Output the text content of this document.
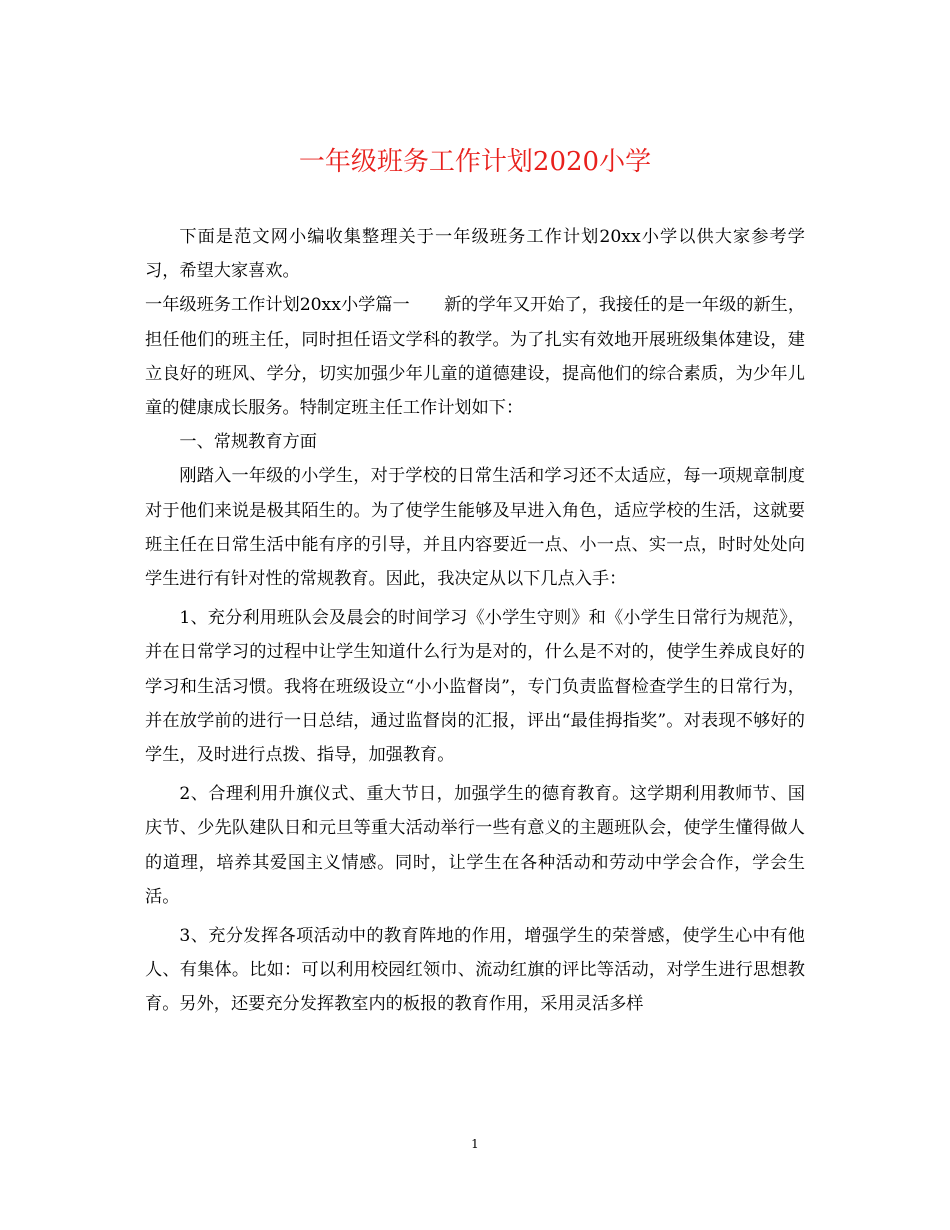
一年级班务工作计划2020小学

下面是范文网小编收集整理关于一年级班务工作计划20xx小学以供大家参考学习，希望大家喜欢。

一年级班务工作计划20xx小学篇一　　新的学年又开始了，我接任的是一年级的新生，担任他们的班主任，同时担任语文学科的教学。为了扎实有效地开展班级集体建设，建立良好的班风、学分，切实加强少年儿童的道德建设，提高他们的综合素质，为少年儿童的健康成长服务。特制定班主任工作计划如下：

一、常规教育方面

刚踏入一年级的小学生，对于学校的日常生活和学习还不太适应，每一项规章制度对于他们来说是极其陌生的。为了使学生能够及早进入角色，适应学校的生活，这就要班主任在日常生活中能有序的引导，并且内容要近一点、小一点、实一点，时时处处向学生进行有针对性的常规教育。因此，我决定从以下几点入手：

1、充分利用班队会及晨会的时间学习《小学生守则》和《小学生日常行为规范》，并在日常学习的过程中让学生知道什么行为是对的，什么是不对的，使学生养成良好的学习和生活习惯。我将在班级设立“小小监督岗”，专门负责监督检查学生的日常行为，并在放学前的进行一日总结，通过监督岗的汇报，评出“最佳拇指奖”。对表现不够好的学生，及时进行点拨、指导，加强教育。

2、合理利用升旗仪式、重大节日，加强学生的德育教育。这学期利用教师节、国庆节、少先队建队日和元旦等重大活动举行一些有意义的主题班队会，使学生懂得做人的道理，培养其爱国主义情感。同时，让学生在各种活动和劳动中学会合作，学会生活。

3、充分发挥各项活动中的教育阵地的作用，增强学生的荣誉感，使学生心中有他人、有集体。比如：可以利用校园红领巾、流动红旗的评比等活动，对学生进行思想教育。另外，还要充分发挥教室内的板报的教育作用，采用灵活多样

1
